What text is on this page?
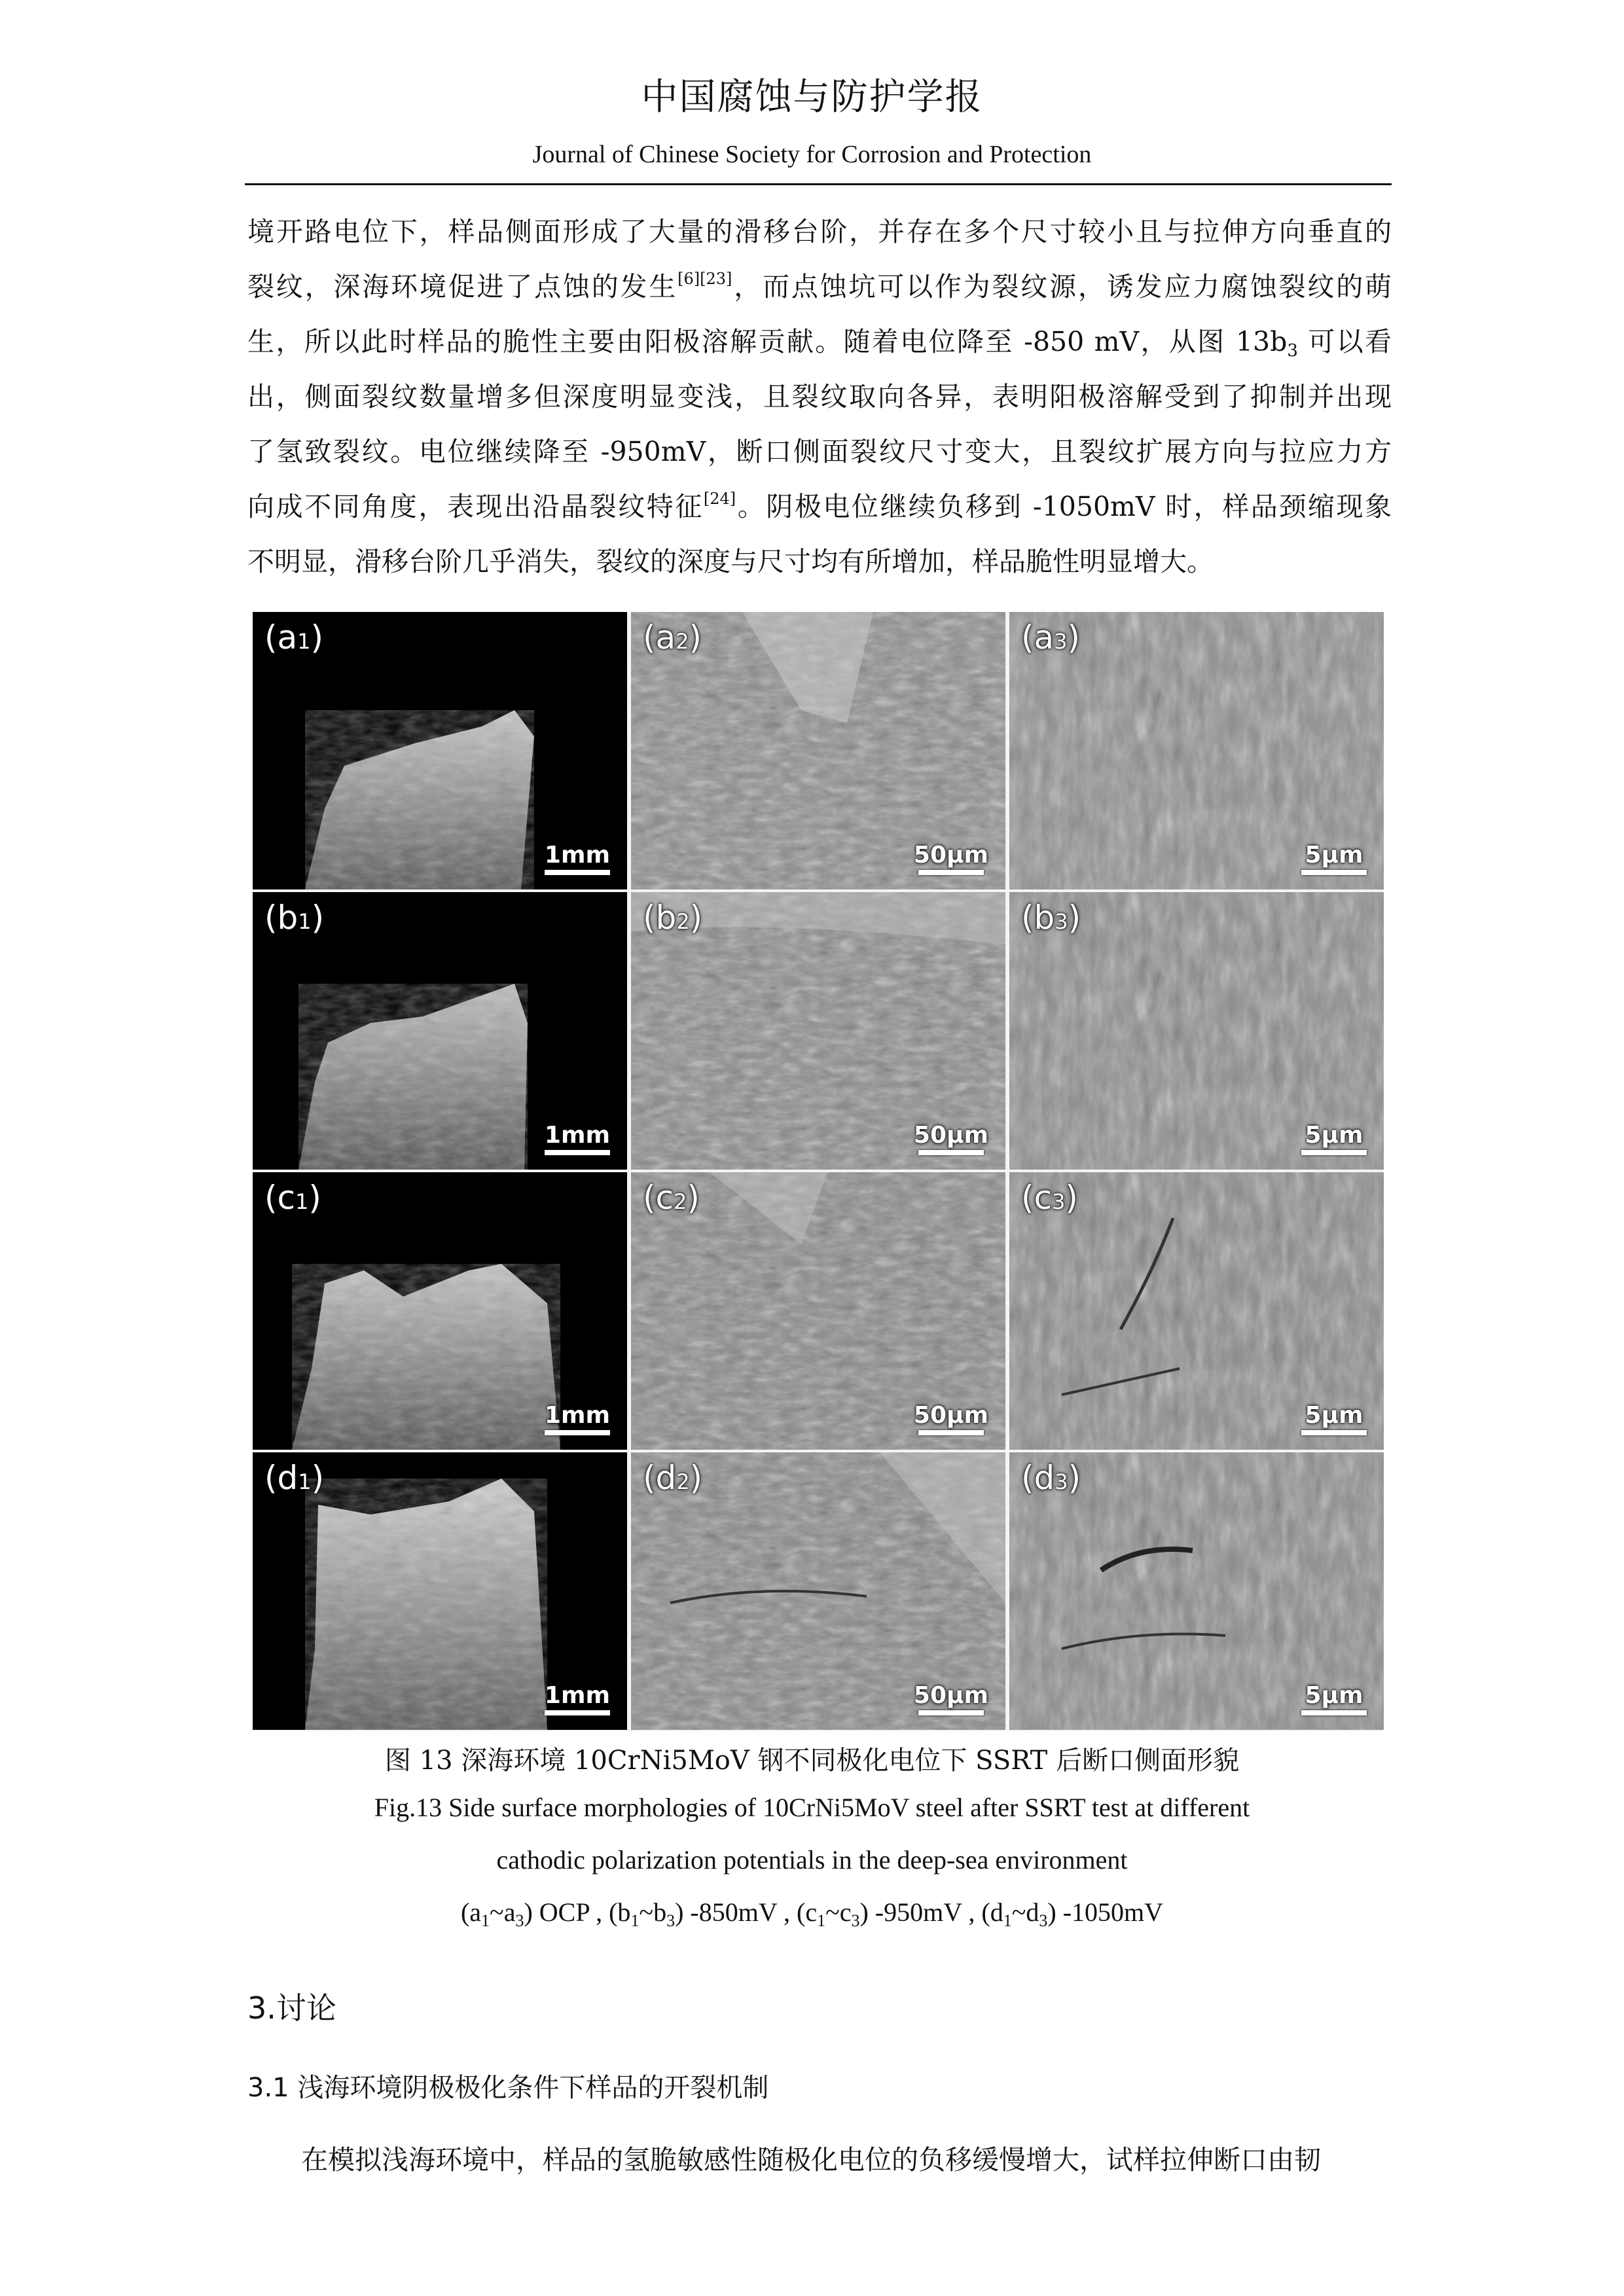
中国腐蚀与防护学报
Journal of Chinese Society for Corrosion and Protection
境开路电位下，样品侧面形成了大量的滑移台阶，并存在多个尺寸较小且与拉伸方向垂直的
裂纹，深海环境促进了点蚀的发生[6][23]，而点蚀坑可以作为裂纹源，诱发应力腐蚀裂纹的萌
生，所以此时样品的脆性主要由阳极溶解贡献。随着电位降至 -850 mV，从图 $13b_3$ 可以看
出，侧面裂纹数量增多但深度明显变浅，且裂纹取向各异，表明阳极溶解受到了抑制并出现
了氢致裂纹。电位继续降至 -950mV，断口侧面裂纹尺寸变大，且裂纹扩展方向与拉应力方
向成不同角度，表现出沿晶裂纹特征[24]。阴极电位继续负移到 -1050mV 时，样品颈缩现象
不明显，滑移台阶几乎消失，裂纹的深度与尺寸均有所增加，样品脆性明显增大。
(a1)
1mm
(a2)
50μm
(a3)
5μm
(b1)
1mm
(b2)
50μm
(b3)
5μm
(c1)
1mm
(c2)
50μm
(c3)
5μm
(d1)
1mm
(d2)
50μm
(d3)
5μm
图 13 深海环境 10CrNi5MoV 钢不同极化电位下 SSRT 后断口侧面形貌
Fig.13 Side surface morphologies of 10CrNi5MoV steel after SSRT test at different
cathodic polarization potentials in the deep-sea environment
$(a_1\sim a_3)$ OCP , $(b_1\sim b_3)$ -850mV , $(c_1\sim c_3)$ -950mV , $(d_1\sim d_3)$ -1050mV
3.讨论
3.1 浅海环境阴极极化条件下样品的开裂机制
在模拟浅海环境中，样品的氢脆敏感性随极化电位的负移缓慢增大，试样拉伸断口由韧
